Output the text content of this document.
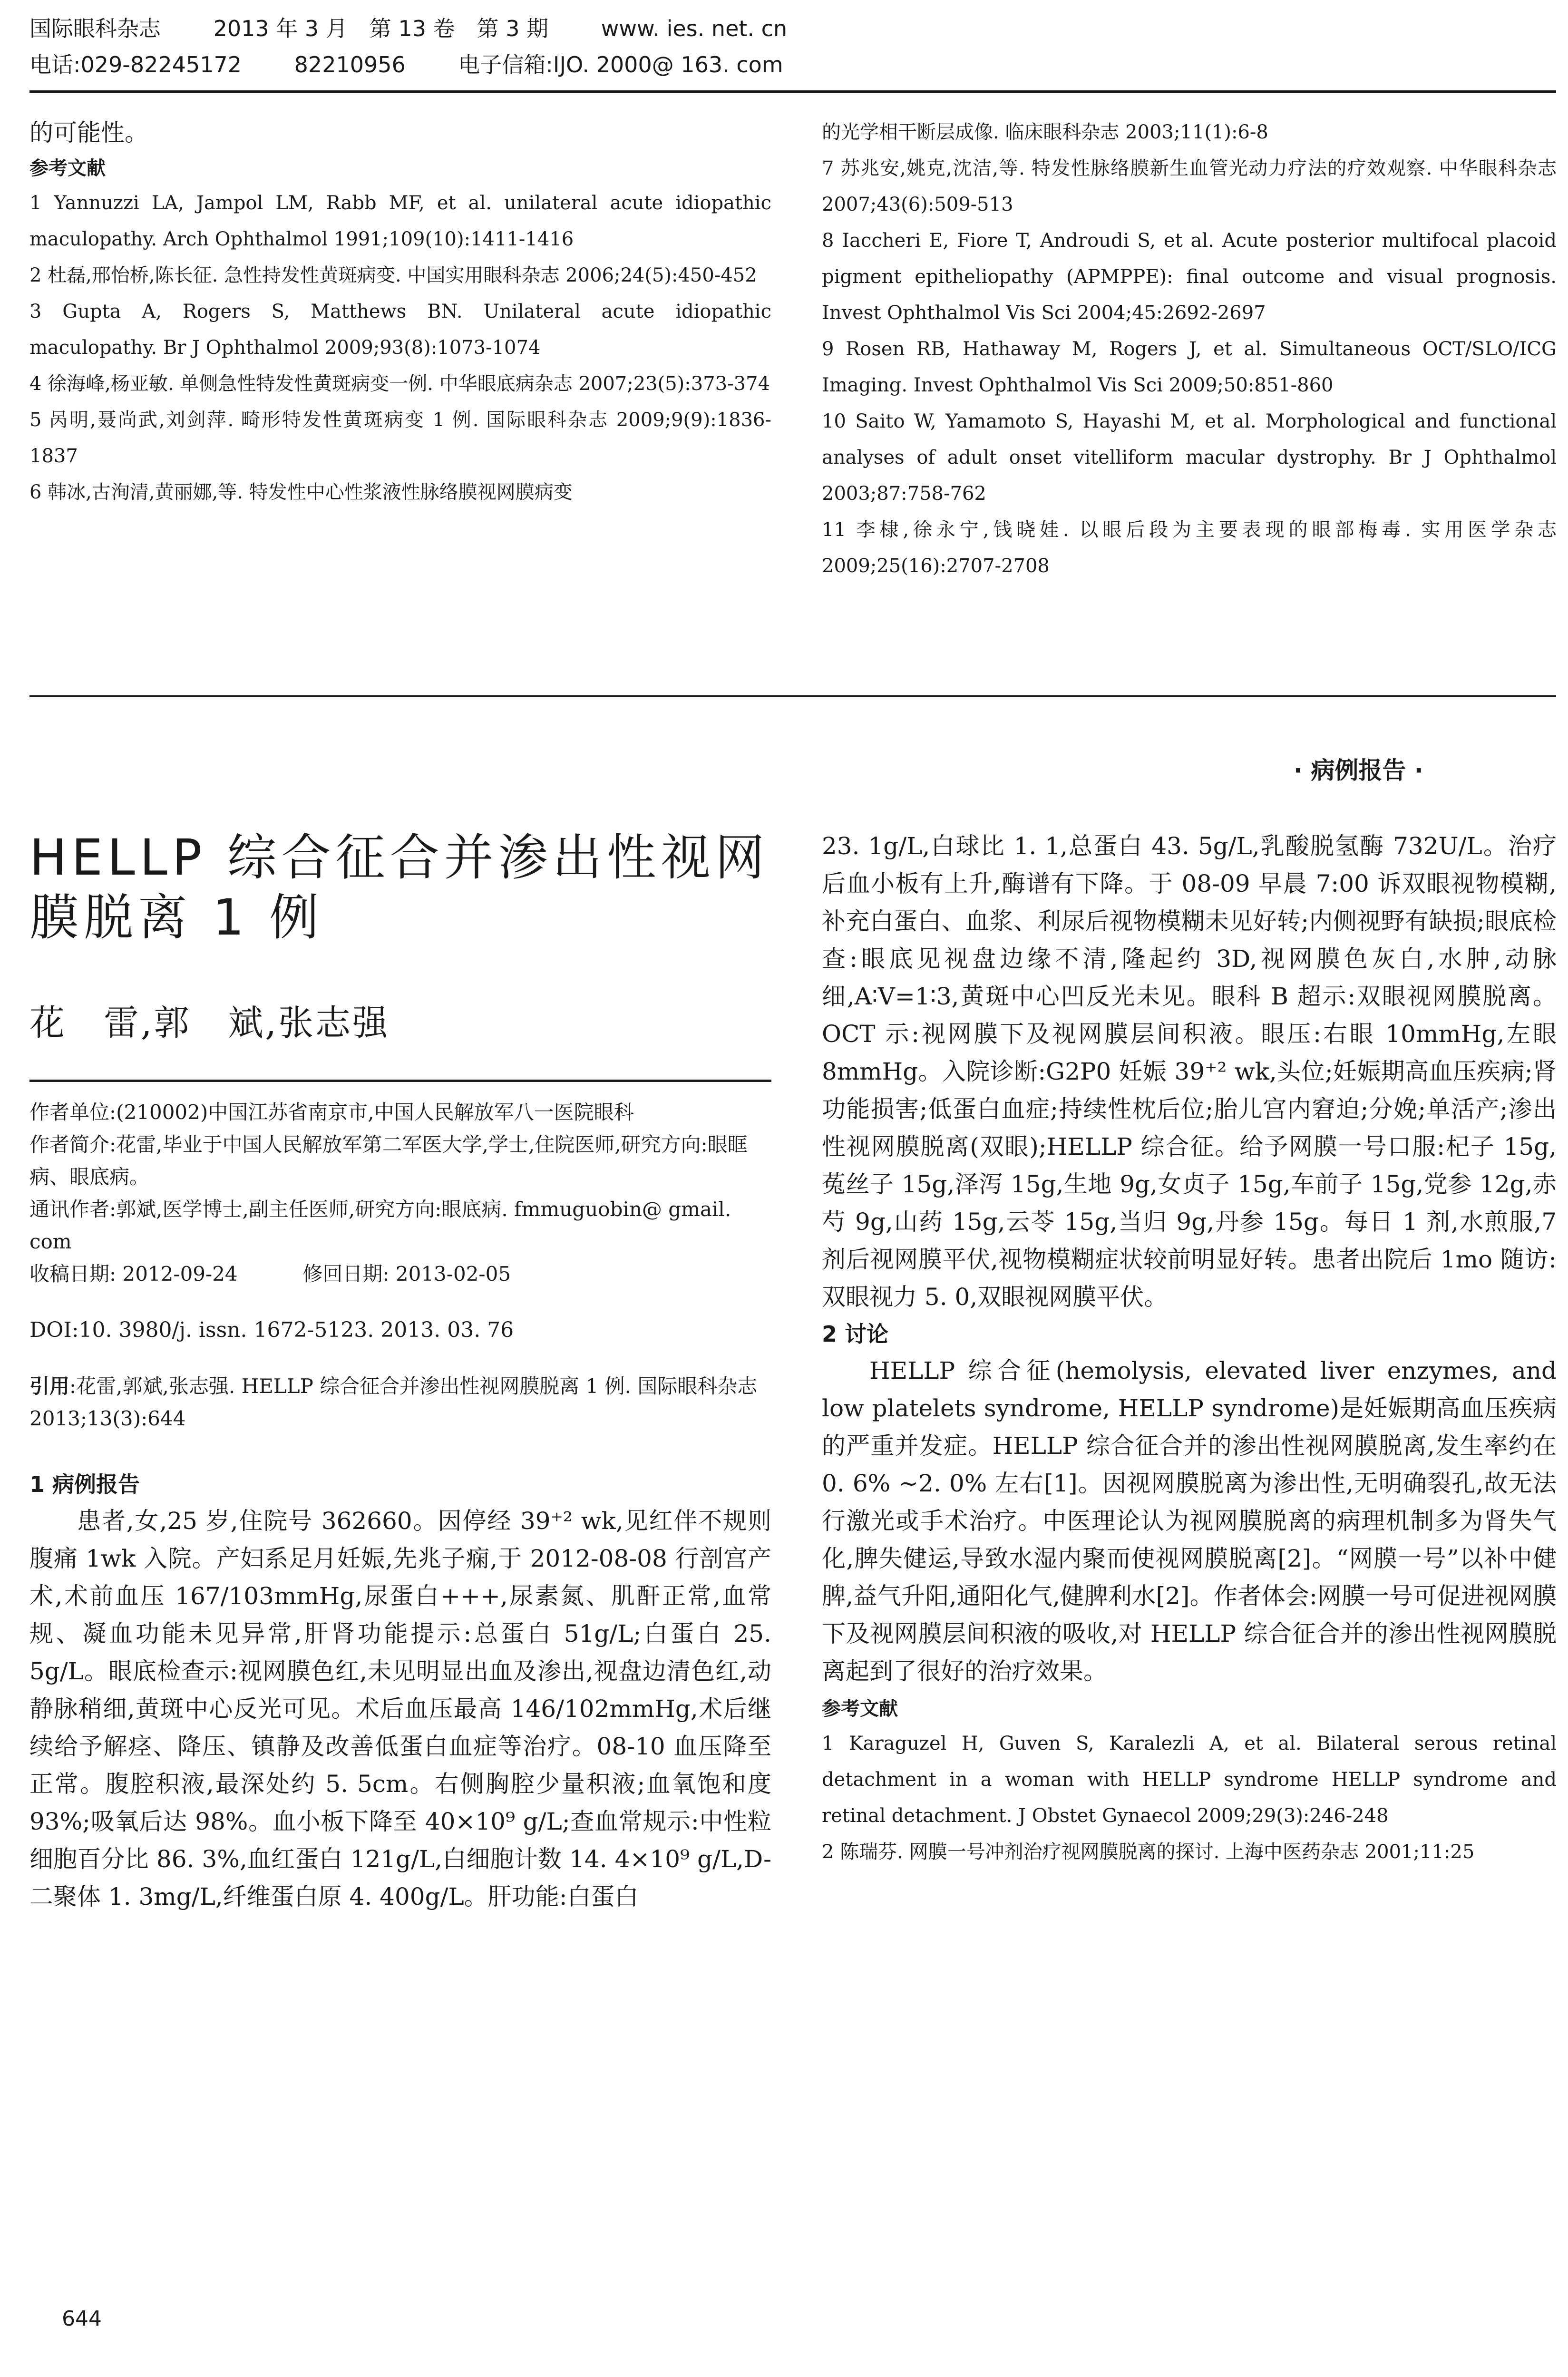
国际眼科杂志 2013 年 3 月　第 13 卷　第 3 期 www. ies. net. cn
电话:029-82245172 82210956 电子信箱:IJO. 2000@ 163. com
的可能性。
参考文献

1 Yannuzzi LA, Jampol LM, Rabb MF, et al. unilateral acute idiopathic maculopathy. Arch Ophthalmol 1991;109(10):1411-1416

2 杜磊,邢怡桥,陈长征. 急性持发性黄斑病变. 中国实用眼科杂志 2006;24(5):450-452

3 Gupta A, Rogers S, Matthews BN. Unilateral acute idiopathic maculopathy. Br J Ophthalmol 2009;93(8):1073-1074

4 徐海峰,杨亚敏. 单侧急性特发性黄斑病变一例. 中华眼底病杂志 2007;23(5):373-374

5 呙明,聂尚武,刘剑萍. 畸形特发性黄斑病变 1 例. 国际眼科杂志 2009;9(9):1836-1837

6 韩冰,古洵清,黄丽娜,等. 特发性中心性浆液性脉络膜视网膜病变

的光学相干断层成像. 临床眼科杂志 2003;11(1):6-8

7 苏兆安,姚克,沈洁,等. 特发性脉络膜新生血管光动力疗法的疗效观察. 中华眼科杂志 2007;43(6):509-513

8 Iaccheri E, Fiore T, Androudi S, et al. Acute posterior multifocal placoid pigment epitheliopathy (APMPPE): final outcome and visual prognosis. Invest Ophthalmol Vis Sci 2004;45:2692-2697

9 Rosen RB, Hathaway M, Rogers J, et al. Simultaneous OCT/SLO/ICG Imaging. Invest Ophthalmol Vis Sci 2009;50:851-860

10 Saito W, Yamamoto S, Hayashi M, et al. Morphological and functional analyses of adult onset vitelliform macular dystrophy. Br J Ophthalmol 2003;87:758-762

11 李棣,徐永宁,钱晓娃. 以眼后段为主要表现的眼部梅毒. 实用医学杂志 2009;25(16):2707-2708

· 病例报告 ·
HELLP 综合征合并渗出性视网
膜脱离 1 例
花　雷,郭　斌,张志强

作者单位:(210002)中国江苏省南京市,中国人民解放军八一医院眼科

作者简介:花雷,毕业于中国人民解放军第二军医大学,学士,住院医师,研究方向:眼眶病、眼底病。

通讯作者:郭斌,医学博士,副主任医师,研究方向:眼底病. fmmuguobin@ gmail. com

收稿日期: 2012-09-24	修回日期: 2013-02-05

DOI:10. 3980/j. issn. 1672-5123. 2013. 03. 76

引用:花雷,郭斌,张志强. HELLP 综合征合并渗出性视网膜脱离 1 例. 国际眼科杂志 2013;13(3):644

1 病例报告

患者,女,25 岁,住院号 362660。因停经 39⁺² wk,见红伴不规则腹痛 1wk 入院。产妇系足月妊娠,先兆子痫,于 2012-08-08 行剖宫产术,术前血压 167/103mmHg,尿蛋白+++,尿素氮、肌酐正常,血常规、凝血功能未见异常,肝肾功能提示:总蛋白 51g/L;白蛋白 25. 5g/L。眼底检查示:视网膜色红,未见明显出血及渗出,视盘边清色红,动静脉稍细,黄斑中心反光可见。术后血压最高 146/102mmHg,术后继续给予解痉、降压、镇静及改善低蛋白血症等治疗。08-10 血压降至正常。腹腔积液,最深处约 5. 5cm。右侧胸腔少量积液;血氧饱和度 93%;吸氧后达 98%。血小板下降至 40×10⁹ g/L;查血常规示:中性粒细胞百分比 86. 3%,血红蛋白 121g/L,白细胞计数 14. 4×10⁹ g/L,D-二聚体 1. 3mg/L,纤维蛋白原 4. 400g/L。肝功能:白蛋白

23. 1g/L,白球比 1. 1,总蛋白 43. 5g/L,乳酸脱氢酶 732U/L。治疗后血小板有上升,酶谱有下降。于 08-09 早晨 7:00 诉双眼视物模糊,补充白蛋白、血浆、利尿后视物模糊未见好转;内侧视野有缺损;眼底检查:眼底见视盘边缘不清,隆起约 3D,视网膜色灰白,水肿,动脉细,A∶V=1∶3,黄斑中心凹反光未见。眼科 B 超示:双眼视网膜脱离。OCT 示:视网膜下及视网膜层间积液。眼压:右眼 10mmHg,左眼 8mmHg。入院诊断:G2P0 妊娠 39⁺² wk,头位;妊娠期高血压疾病;肾功能损害;低蛋白血症;持续性枕后位;胎儿宫内窘迫;分娩;单活产;渗出性视网膜脱离(双眼);HELLP 综合征。给予网膜一号口服:杞子 15g,菟丝子 15g,泽泻 15g,生地 9g,女贞子 15g,车前子 15g,党参 12g,赤芍 9g,山药 15g,云苓 15g,当归 9g,丹参 15g。每日 1 剂,水煎服,7 剂后视网膜平伏,视物模糊症状较前明显好转。患者出院后 1mo 随访:双眼视力 5. 0,双眼视网膜平伏。

2 讨论

HELLP 综合征(hemolysis, elevated liver enzymes, and low platelets syndrome, HELLP syndrome)是妊娠期高血压疾病的严重并发症。HELLP 综合征合并的渗出性视网膜脱离,发生率约在 0. 6% ~2. 0% 左右[1]。因视网膜脱离为渗出性,无明确裂孔,故无法行激光或手术治疗。中医理论认为视网膜脱离的病理机制多为肾失气化,脾失健运,导致水湿内聚而使视网膜脱离[2]。“网膜一号”以补中健脾,益气升阳,通阳化气,健脾利水[2]。作者体会:网膜一号可促进视网膜下及视网膜层间积液的吸收,对 HELLP 综合征合并的渗出性视网膜脱离起到了很好的治疗效果。

参考文献

1 Karaguzel H, Guven S, Karalezli A, et al. Bilateral serous retinal detachment in a woman with HELLP syndrome HELLP syndrome and retinal detachment. J Obstet Gynaecol 2009;29(3):246-248

2 陈瑞芬. 网膜一号冲剂治疗视网膜脱离的探讨. 上海中医药杂志 2001;11:25

644
